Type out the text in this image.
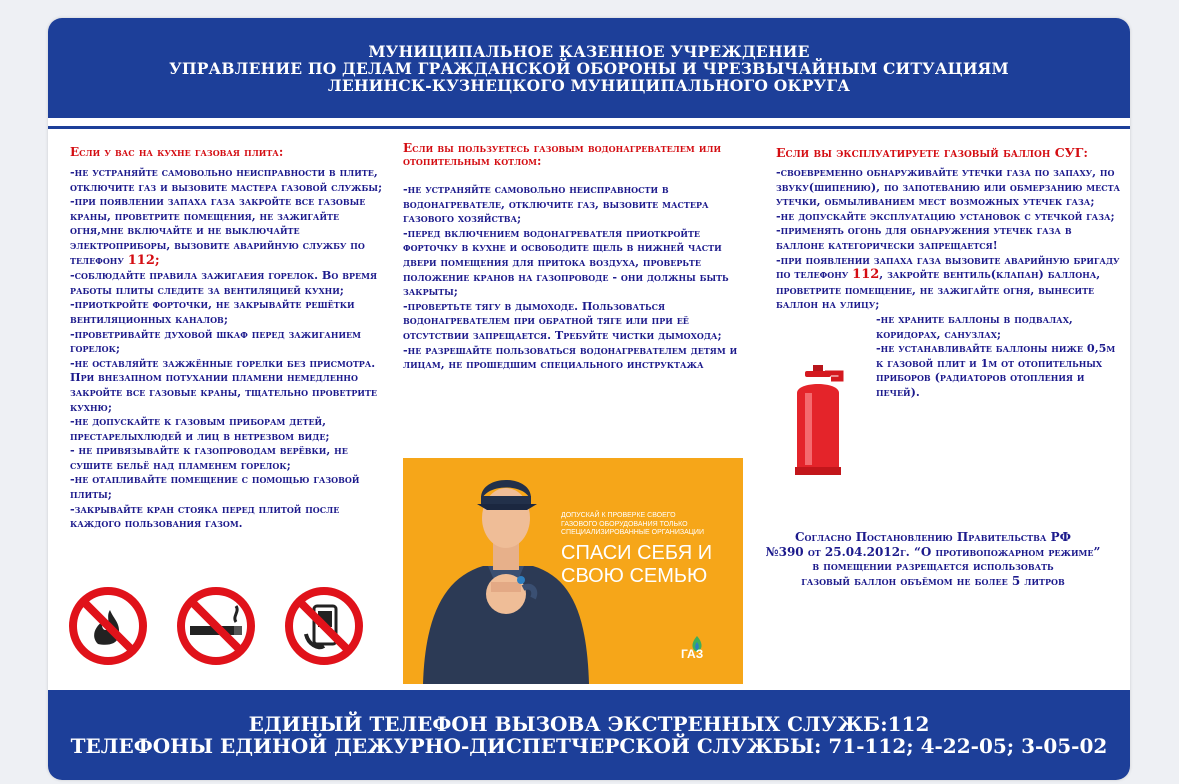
МУНИЦИПАЛЬНОЕ КАЗЕННОЕ УЧРЕЖДЕНИЕ
УПРАВЛЕНИЕ ПО ДЕЛАМ ГРАЖДАНСКОЙ ОБОРОНЫ И ЧРЕЗВЫЧАЙНЫМ СИТУАЦИЯМ
ЛЕНИНСК-КУЗНЕЦКОГО МУНИЦИПАЛЬНОГО ОКРУГА
Если у вас на кухне газовая плита:

-не устраняйте самовольно неисправности в плите, отключите газ и вызовите мастера газовой службы;

-при появлении запаха газа закройте все газовые краны, проветрите помещения, не зажигайте огня,мне включайте и не выключайте электроприборы, вызовите аварийную службу по телефону 112;

-соблюдайте правила зажигаеия горелок. Во время работы плиты следите за вентиляцией кухни;

-приоткройте форточки, не закрывайте решётки вентиляционных каналов;

-проветривайте духовой шкаф перед зажиганием горелок;

-не оставляйте зажжённые горелки без присмотра. При внезапном потухании пламени немедленно закройте все газовые краны, тщательно проветрите кухню;

-не допускайте к газовым приборам детей, престарелыхлюдей и лиц в нетрезвом виде;

- не привязывайте к газопроводам верёвки, не сушите бельё над пламенем горелок;

-не отапливайте помещение с помощью газовой плиты;

-закрывайте кран стояка перед плитой после каждого пользования газом.

Если вы пользуетесь газовым водонагревателем или отопительным котлом:

-не устраняйте самовольно неисправности в водонагревателе, отключите газ, вызовите мастера газового хозяйства;

-перед включением водонагревателя приоткройте форточку в кухне и освободите щель в нижней части двери помещения для притока воздуха, проверьте положение кранов на газопроводе - они должны быть закрыты;

-провертьте тягу в дымоходе. Пользоваться водонагревателем при обратной тяге или при её отсутствии запрещается. Требуйте чистки дымохода;

-не разрешайте пользоваться водонагревателем детям и лицам, не прошедшим специального инструктажа

ДОПУСКАЙ К ПРОВЕРКЕ СВОЕГО ГАЗОВОГО ОБОРУДОВАНИЯ ТОЛЬКО СПЕЦИАЛИЗИРОВАННЫЕ ОРГАНИЗАЦИИ
СПАСИ СЕБЯ И СВОЮ СЕМЬЮ
ГАЗ
Если вы эксплуатируете газовый баллон СУГ:

-своевременно обнаруживайте утечки газа по запаху, по звуку(шипению), по запотеванию или обмерзанию места утечки, обмыливанием мест возможных утечек газа;

-не допускайте эксплуатацию установок с утечкой газа;

-применять огонь для обнаружения утечек газа в баллоне категорически запрещается!

-при появлении запаха газа вызовите аварийную бригаду по телефону 112, закройте вентиль(клапан) баллона, проветрите помещение, не зажигайте огня, вынесите баллон на улицу;

-не храните баллоны в подвалах, коридорах, санузлах;

-не устанавливайте баллоны ниже 0,5м к газовой плит и 1м от отопительных приборов (радиаторов отопления и печей).

Согласно Постановлению Правительства РФ
№390 от 25.04.2012г. “О противопожарном режиме”
в помещении разрещается использовать
газовый баллон объёмом не более 5 литров
ЕДИНЫЙ ТЕЛЕФОН ВЫЗОВА ЭКСТРЕННЫХ СЛУЖБ:112
ТЕЛЕФОНЫ ЕДИНОЙ ДЕЖУРНО-ДИСПЕТЧЕРСКОЙ СЛУЖБЫ: 71-112; 4-22-05; 3-05-02
